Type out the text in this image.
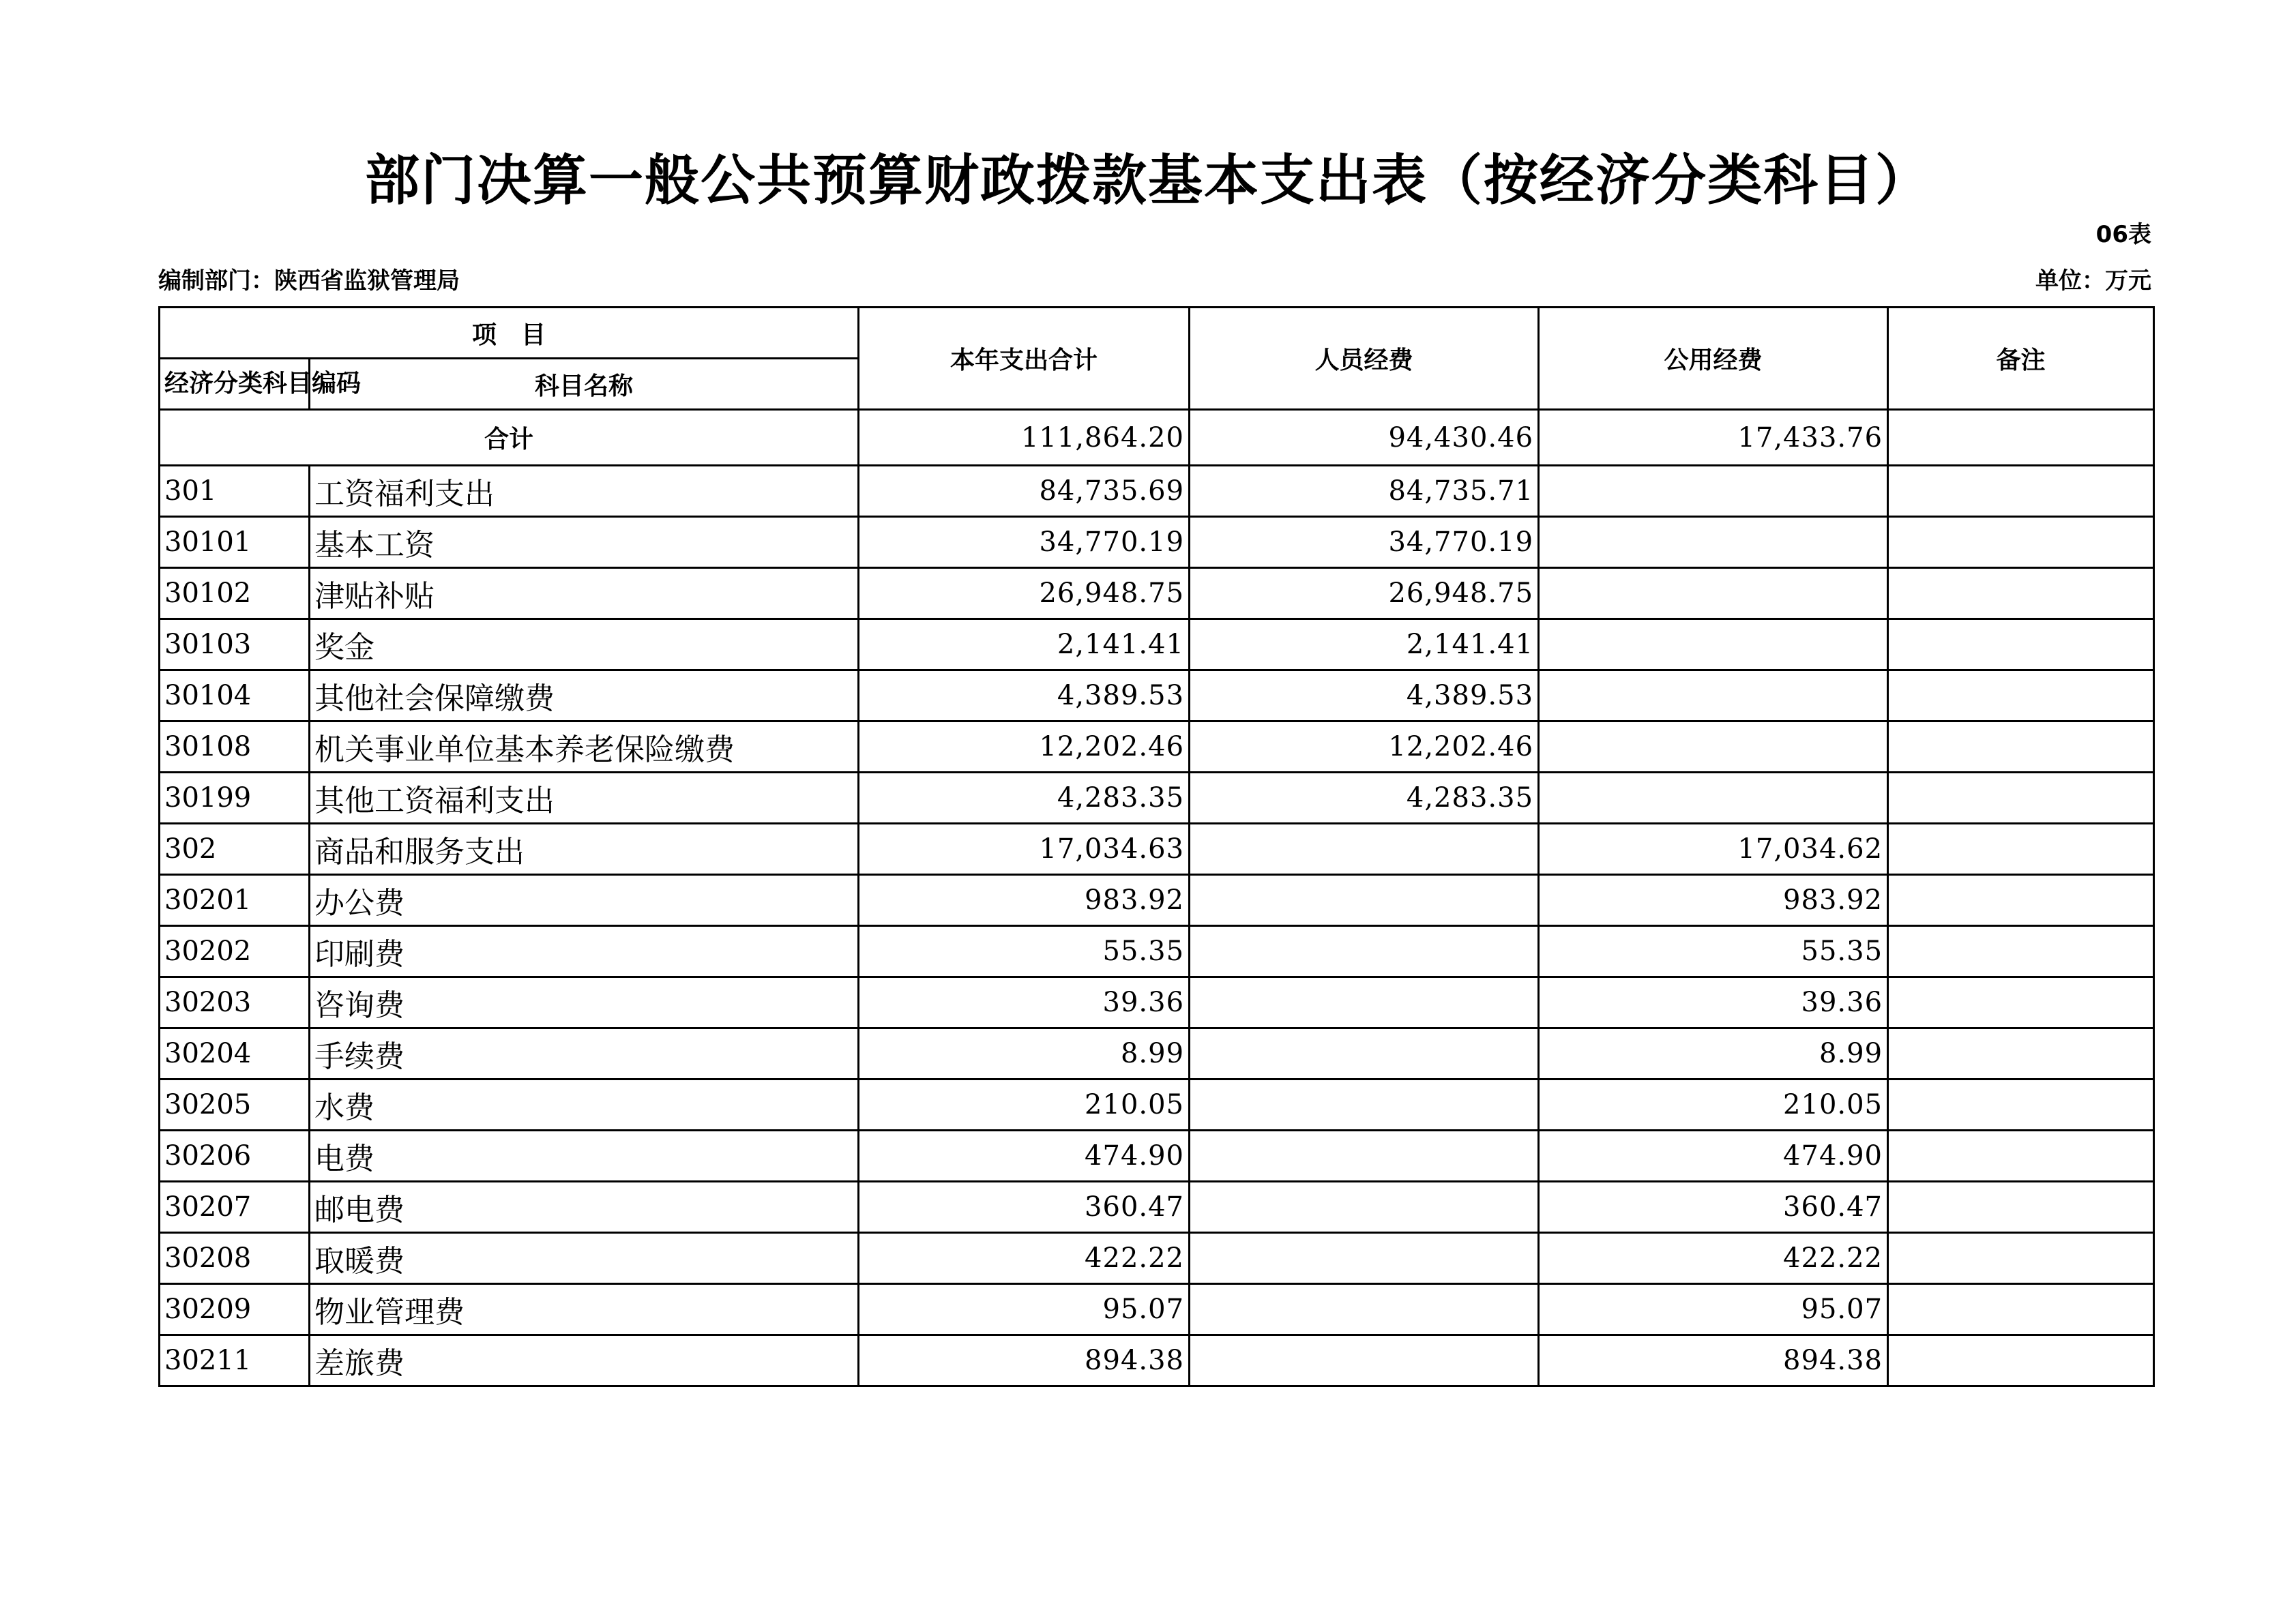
部门决算一般公共预算财政拨款基本支出表（按经济分类科目）
06表
编制部门：陕西省监狱管理局	单位：万元
项　目		本年支出合计	人员经费	公用经费	备注
经济分类科目编码	科目名称				
合计		111,864.20	94,430.46	17,433.76	
301	工资福利支出	84,735.69	84,735.71		
30101	基本工资	34,770.19	34,770.19		
30102	津贴补贴	26,948.75	26,948.75		
30103	奖金	2,141.41	2,141.41		
30104	其他社会保障缴费	4,389.53	4,389.53		
30108	机关事业单位基本养老保险缴费	12,202.46	12,202.46		
30199	其他工资福利支出	4,283.35	4,283.35		
302	商品和服务支出	17,034.63		17,034.62	
30201	办公费	983.92		983.92	
30202	印刷费	55.35		55.35	
30203	咨询费	39.36		39.36	
30204	手续费	8.99		8.99	
30205	水费	210.05		210.05	
30206	电费	474.90		474.90	
30207	邮电费	360.47		360.47	
30208	取暖费	422.22		422.22	
30209	物业管理费	95.07		95.07	
30211	差旅费	894.38		894.38	
